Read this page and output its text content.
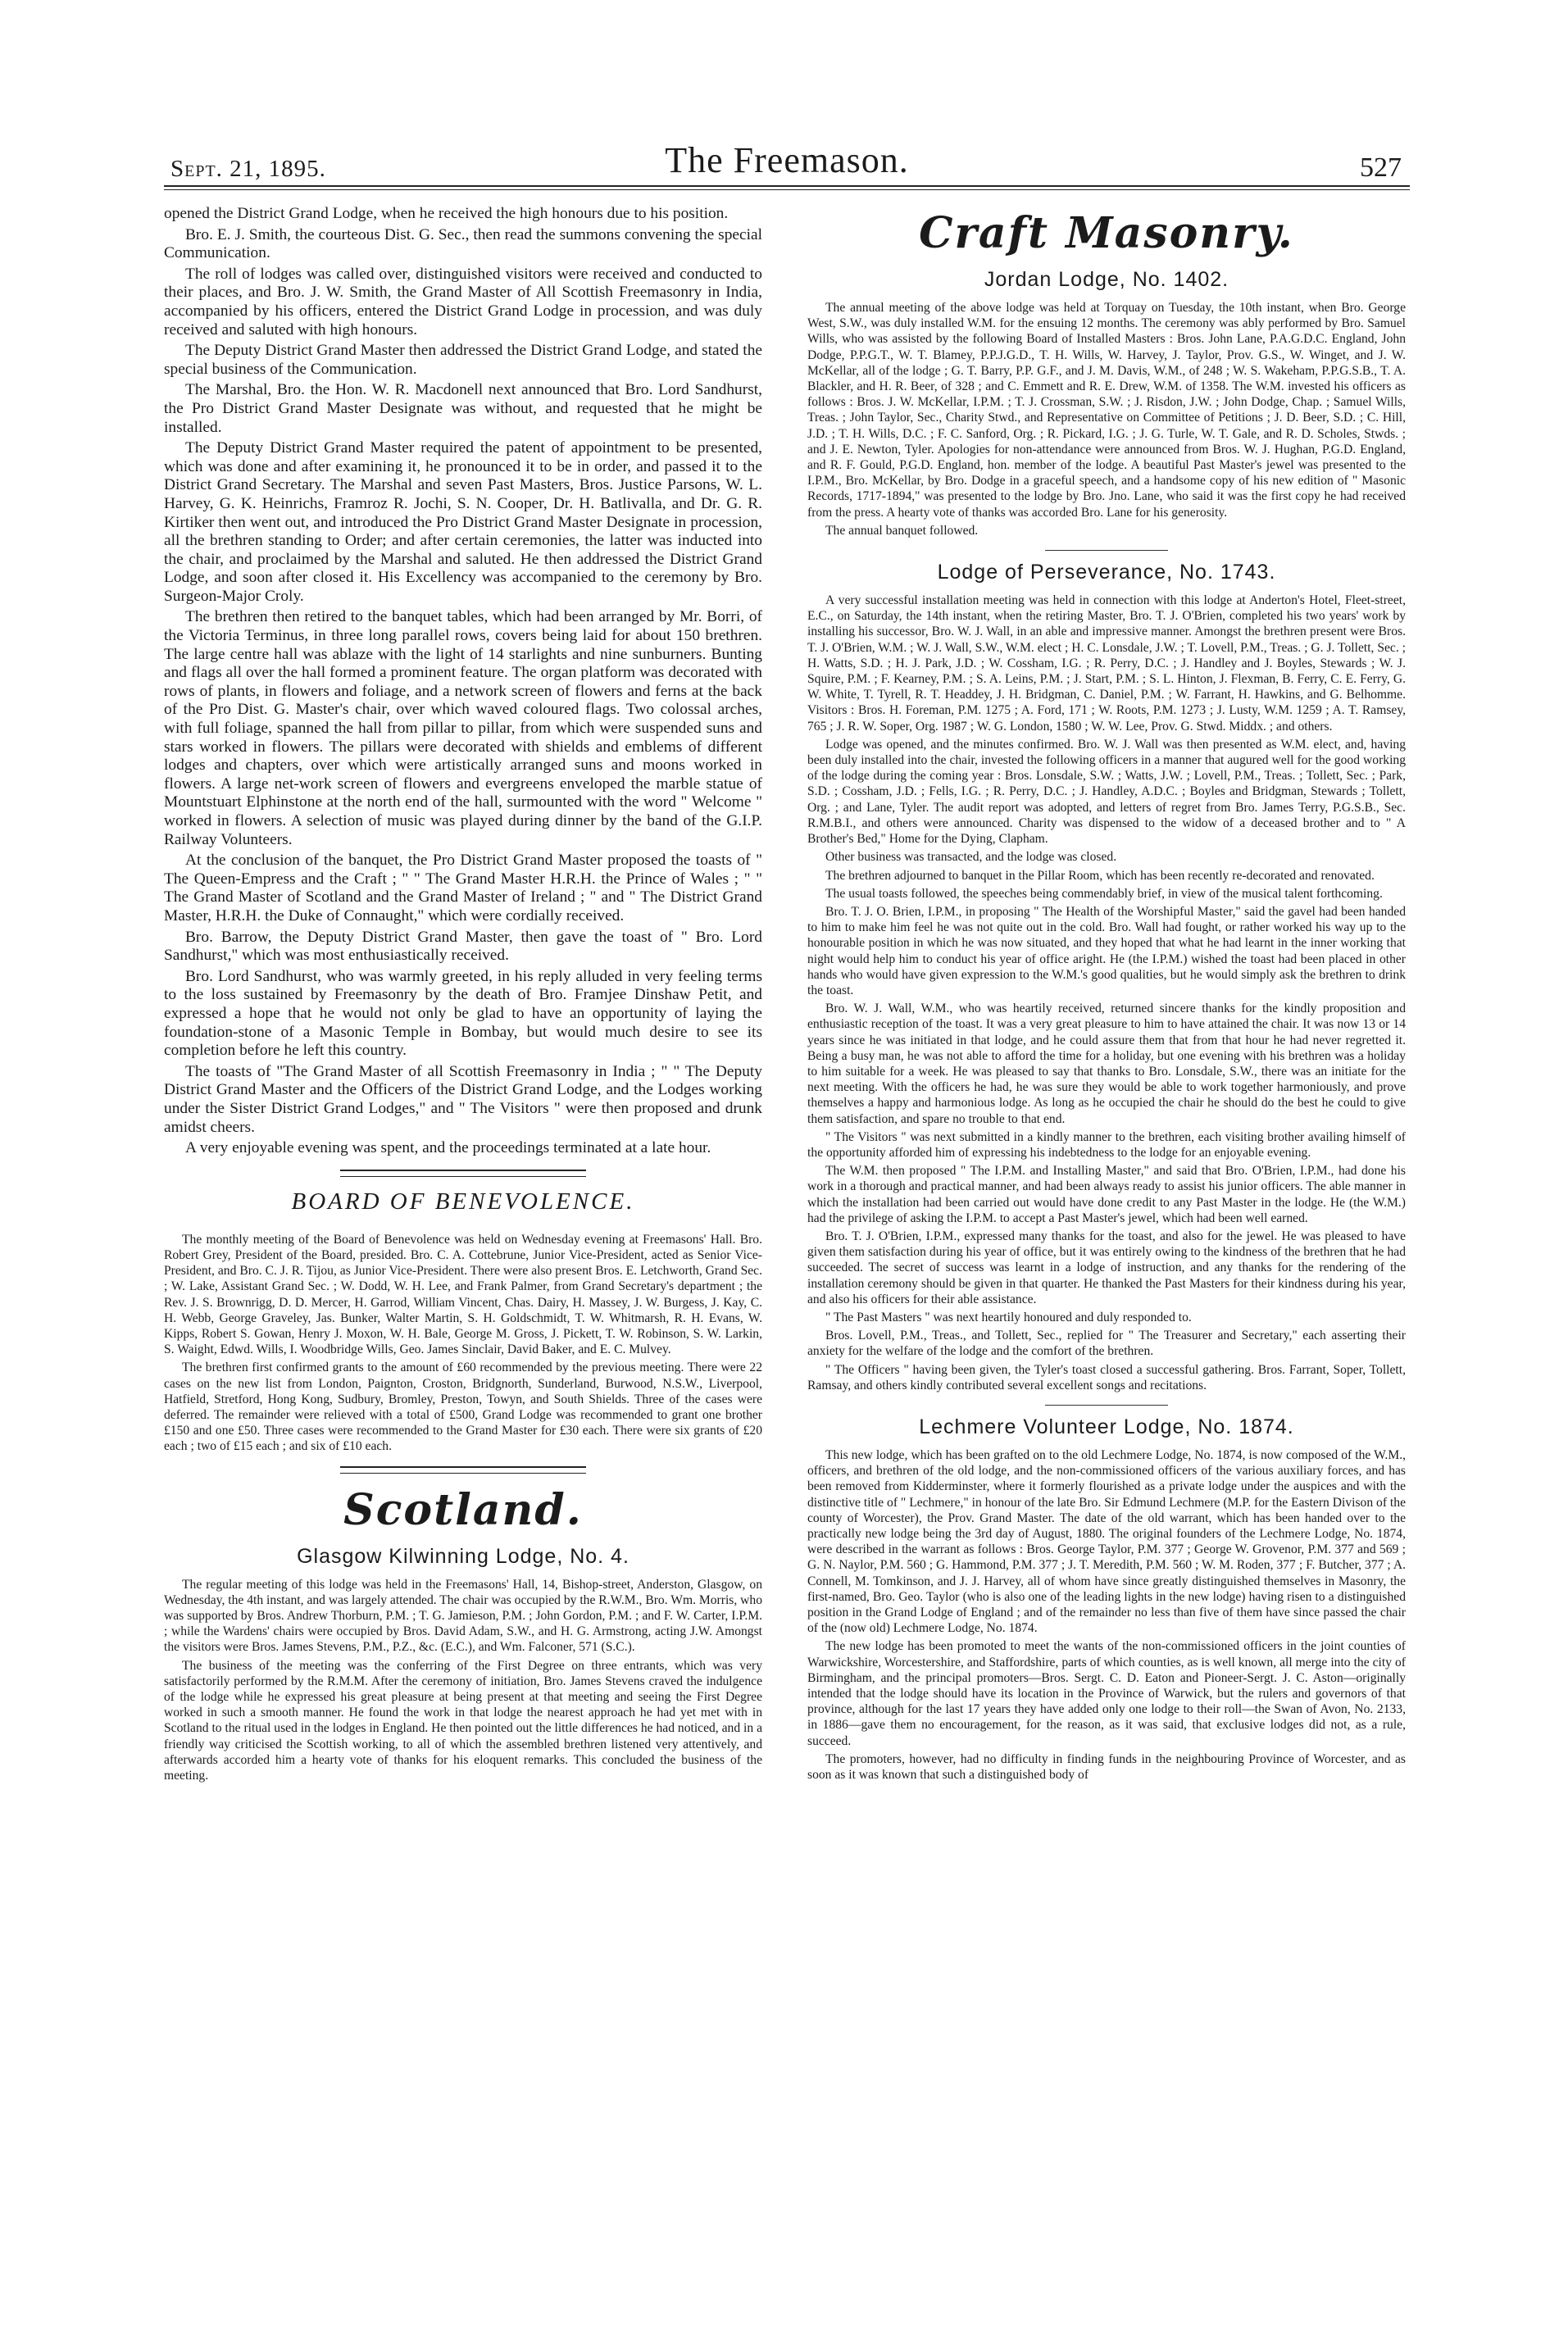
Sept. 21, 1895.	The Freemason.	527

opened the District Grand Lodge, when he received the high honours due to his position.

Bro. E. J. Smith, the courteous Dist. G. Sec., then read the summons convening the special Communication.

The roll of lodges was called over, distinguished visitors were received and conducted to their places, and Bro. J. W. Smith, the Grand Master of All Scottish Freemasonry in India, accompanied by his officers, entered the District Grand Lodge in procession, and was duly received and saluted with high honours.

The Deputy District Grand Master then addressed the District Grand Lodge, and stated the special business of the Communication.

The Marshal, Bro. the Hon. W. R. Macdonell next announced that Bro. Lord Sandhurst, the Pro District Grand Master Designate was without, and requested that he might be installed.

The Deputy District Grand Master required the patent of appointment to be presented, which was done and after examining it, he pronounced it to be in order, and passed it to the District Grand Secretary. The Marshal and seven Past Masters, Bros. Justice Parsons, W. L. Harvey, G. K. Heinrichs, Framroz R. Jochi, S. N. Cooper, Dr. H. Batlivalla, and Dr. G. R. Kirtiker then went out, and introduced the Pro District Grand Master Designate in procession, all the brethren standing to Order; and after certain ceremonies, the latter was inducted into the chair, and proclaimed by the Marshal and saluted. He then addressed the District Grand Lodge, and soon after closed it. His Excellency was accompanied to the ceremony by Bro. Surgeon-Major Croly.

The brethren then retired to the banquet tables, which had been arranged by Mr. Borri, of the Victoria Terminus, in three long parallel rows, covers being laid for about 150 brethren. The large centre hall was ablaze with the light of 14 starlights and nine sunburners. Bunting and flags all over the hall formed a prominent feature. The organ platform was decorated with rows of plants, in flowers and foliage, and a network screen of flowers and ferns at the back of the Pro Dist. G. Master's chair, over which waved coloured flags. Two colossal arches, with full foliage, spanned the hall from pillar to pillar, from which were suspended suns and stars worked in flowers. The pillars were decorated with shields and emblems of different lodges and chapters, over which were artistically arranged suns and moons worked in flowers. A large net-work screen of flowers and evergreens enveloped the marble statue of Mountstuart Elphinstone at the north end of the hall, surmounted with the word " Welcome " worked in flowers. A selection of music was played during dinner by the band of the G.I.P. Railway Volunteers.

At the conclusion of the banquet, the Pro District Grand Master proposed the toasts of " The Queen-Empress and the Craft ; " " The Grand Master H.R.H. the Prince of Wales ; " " The Grand Master of Scotland and the Grand Master of Ireland ; " and " The District Grand Master, H.R.H. the Duke of Connaught," which were cordially received.

Bro. Barrow, the Deputy District Grand Master, then gave the toast of " Bro. Lord Sandhurst," which was most enthusiastically received.

Bro. Lord Sandhurst, who was warmly greeted, in his reply alluded in very feeling terms to the loss sustained by Freemasonry by the death of Bro. Framjee Dinshaw Petit, and expressed a hope that he would not only be glad to have an opportunity of laying the foundation-stone of a Masonic Temple in Bombay, but would much desire to see its completion before he left this country.

The toasts of "The Grand Master of all Scottish Freemasonry in India ; " " The Deputy District Grand Master and the Officers of the District Grand Lodge, and the Lodges working under the Sister District Grand Lodges," and " The Visitors " were then proposed and drunk amidst cheers.

A very enjoyable evening was spent, and the proceedings terminated at a late hour.

BOARD OF BENEVOLENCE.

The monthly meeting of the Board of Benevolence was held on Wednesday evening at Freemasons' Hall. Bro. Robert Grey, President of the Board, presided. Bro. C. A. Cottebrune, Junior Vice-President, acted as Senior Vice-President, and Bro. C. J. R. Tijou, as Junior Vice-President. There were also present Bros. E. Letchworth, Grand Sec. ; W. Lake, Assistant Grand Sec. ; W. Dodd, W. H. Lee, and Frank Palmer, from Grand Secretary's department ; the Rev. J. S. Brownrigg, D. D. Mercer, H. Garrod, William Vincent, Chas. Dairy, H. Massey, J. W. Burgess, J. Kay, C. H. Webb, George Graveley, Jas. Bunker, Walter Martin, S. H. Goldschmidt, T. W. Whitmarsh, R. H. Evans, W. Kipps, Robert S. Gowan, Henry J. Moxon, W. H. Bale, George M. Gross, J. Pickett, T. W. Robinson, S. W. Larkin, S. Waight, Edwd. Wills, I. Woodbridge Wills, Geo. James Sinclair, David Baker, and E. C. Mulvey.

The brethren first confirmed grants to the amount of £60 recommended by the previous meeting. There were 22 cases on the new list from London, Paignton, Croston, Bridgnorth, Sunderland, Burwood, N.S.W., Liverpool, Hatfield, Stretford, Hong Kong, Sudbury, Bromley, Preston, Towyn, and South Shields. Three of the cases were deferred. The remainder were relieved with a total of £500, Grand Lodge was recommended to grant one brother £150 and one £50. Three cases were recommended to the Grand Master for £30 each. There were six grants of £20 each ; two of £15 each ; and six of £10 each.

Scotland.
Glasgow Kilwinning Lodge, No. 4.

The regular meeting of this lodge was held in the Freemasons' Hall, 14, Bishop-street, Anderston, Glasgow, on Wednesday, the 4th instant, and was largely attended. The chair was occupied by the R.W.M., Bro. Wm. Morris, who was supported by Bros. Andrew Thorburn, P.M. ; T. G. Jamieson, P.M. ; John Gordon, P.M. ; and F. W. Carter, I.P.M. ; while the Wardens' chairs were occupied by Bros. David Adam, S.W., and H. G. Armstrong, acting J.W. Amongst the visitors were Bros. James Stevens, P.M., P.Z., &c. (E.C.), and Wm. Falconer, 571 (S.C.).

The business of the meeting was the conferring of the First Degree on three entrants, which was very satisfactorily performed by the R.M.M. After the ceremony of initiation, Bro. James Stevens craved the indulgence of the lodge while he expressed his great pleasure at being present at that meeting and seeing the First Degree worked in such a smooth manner. He found the work in that lodge the nearest approach he had yet met with in Scotland to the ritual used in the lodges in England. He then pointed out the little differences he had noticed, and in a friendly way criticised the Scottish working, to all of which the assembled brethren listened very attentively, and afterwards accorded him a hearty vote of thanks for his eloquent remarks. This concluded the business of the meeting.

Craft Masonry.
Jordan Lodge, No. 1402.

The annual meeting of the above lodge was held at Torquay on Tuesday, the 10th instant, when Bro. George West, S.W., was duly installed W.M. for the ensuing 12 months. The ceremony was ably performed by Bro. Samuel Wills, who was assisted by the following Board of Installed Masters : Bros. John Lane, P.A.G.D.C. England, John Dodge, P.P.G.T., W. T. Blamey, P.P.J.G.D., T. H. Wills, W. Harvey, J. Taylor, Prov. G.S., W. Winget, and J. W. McKellar, all of the lodge ; G. T. Barry, P.P. G.F., and J. M. Davis, W.M., of 248 ; W. S. Wakeham, P.P.G.S.B., T. A. Blackler, and H. R. Beer, of 328 ; and C. Emmett and R. E. Drew, W.M. of 1358. The W.M. invested his officers as follows : Bros. J. W. McKellar, I.P.M. ; T. J. Crossman, S.W. ; J. Risdon, J.W. ; John Dodge, Chap. ; Samuel Wills, Treas. ; John Taylor, Sec., Charity Stwd., and Representative on Committee of Petitions ; J. D. Beer, S.D. ; C. Hill, J.D. ; T. H. Wills, D.C. ; F. C. Sanford, Org. ; R. Pickard, I.G. ; J. G. Turle, W. T. Gale, and R. D. Scholes, Stwds. ; and J. E. Newton, Tyler. Apologies for non-attendance were announced from Bros. W. J. Hughan, P.G.D. England, and R. F. Gould, P.G.D. England, hon. member of the lodge. A beautiful Past Master's jewel was presented to the I.P.M., Bro. McKellar, by Bro. Dodge in a graceful speech, and a handsome copy of his new edition of " Masonic Records, 1717-1894," was presented to the lodge by Bro. Jno. Lane, who said it was the first copy he had received from the press. A hearty vote of thanks was accorded Bro. Lane for his generosity.

The annual banquet followed.

Lodge of Perseverance, No. 1743.

A very successful installation meeting was held in connection with this lodge at Anderton's Hotel, Fleet-street, E.C., on Saturday, the 14th instant, when the retiring Master, Bro. T. J. O'Brien, completed his two years' work by installing his successor, Bro. W. J. Wall, in an able and impressive manner. Amongst the brethren present were Bros. T. J. O'Brien, W.M. ; W. J. Wall, S.W., W.M. elect ; H. C. Lonsdale, J.W. ; T. Lovell, P.M., Treas. ; G. J. Tollett, Sec. ; H. Watts, S.D. ; H. J. Park, J.D. ; W. Cossham, I.G. ; R. Perry, D.C. ; J. Handley and J. Boyles, Stewards ; W. J. Squire, P.M. ; F. Kearney, P.M. ; S. A. Leins, P.M. ; J. Start, P.M. ; S. L. Hinton, J. Flexman, B. Ferry, C. E. Ferry, G. W. White, T. Tyrell, R. T. Headdey, J. H. Bridgman, C. Daniel, P.M. ; W. Farrant, H. Hawkins, and G. Belhomme. Visitors : Bros. H. Foreman, P.M. 1275 ; A. Ford, 171 ; W. Roots, P.M. 1273 ; J. Lusty, W.M. 1259 ; A. T. Ramsey, 765 ; J. R. W. Soper, Org. 1987 ; W. G. London, 1580 ; W. W. Lee, Prov. G. Stwd. Middx. ; and others.

Lodge was opened, and the minutes confirmed. Bro. W. J. Wall was then presented as W.M. elect, and, having been duly installed into the chair, invested the following officers in a manner that augured well for the good working of the lodge during the coming year : Bros. Lonsdale, S.W. ; Watts, J.W. ; Lovell, P.M., Treas. ; Tollett, Sec. ; Park, S.D. ; Cossham, J.D. ; Fells, I.G. ; R. Perry, D.C. ; J. Handley, A.D.C. ; Boyles and Bridgman, Stewards ; Tollett, Org. ; and Lane, Tyler. The audit report was adopted, and letters of regret from Bro. James Terry, P.G.S.B., Sec. R.M.B.I., and others were announced. Charity was dispensed to the widow of a deceased brother and to " A Brother's Bed," Home for the Dying, Clapham.

Other business was transacted, and the lodge was closed.

The brethren adjourned to banquet in the Pillar Room, which has been recently re-decorated and renovated.

The usual toasts followed, the speeches being commendably brief, in view of the musical talent forthcoming.

Bro. T. J. O. Brien, I.P.M., in proposing " The Health of the Worshipful Master," said the gavel had been handed to him to make him feel he was not quite out in the cold. Bro. Wall had fought, or rather worked his way up to the honourable position in which he was now situated, and they hoped that what he had learnt in the inner working that night would help him to conduct his year of office aright. He (the I.P.M.) wished the toast had been placed in other hands who would have given expression to the W.M.'s good qualities, but he would simply ask the brethren to drink the toast.

Bro. W. J. Wall, W.M., who was heartily received, returned sincere thanks for the kindly proposition and enthusiastic reception of the toast. It was a very great pleasure to him to have attained the chair. It was now 13 or 14 years since he was initiated in that lodge, and he could assure them that from that hour he had never regretted it. Being a busy man, he was not able to afford the time for a holiday, but one evening with his brethren was a holiday to him suitable for a week. He was pleased to say that thanks to Bro. Lonsdale, S.W., there was an initiate for the next meeting. With the officers he had, he was sure they would be able to work together harmoniously, and prove themselves a happy and harmonious lodge. As long as he occupied the chair he should do the best he could to give them satisfaction, and spare no trouble to that end.

" The Visitors " was next submitted in a kindly manner to the brethren, each visiting brother availing himself of the opportunity afforded him of expressing his indebtedness to the lodge for an enjoyable evening.

The W.M. then proposed " The I.P.M. and Installing Master," and said that Bro. O'Brien, I.P.M., had done his work in a thorough and practical manner, and had been always ready to assist his junior officers. The able manner in which the installation had been carried out would have done credit to any Past Master in the lodge. He (the W.M.) had the privilege of asking the I.P.M. to accept a Past Master's jewel, which had been well earned.

Bro. T. J. O'Brien, I.P.M., expressed many thanks for the toast, and also for the jewel. He was pleased to have given them satisfaction during his year of office, but it was entirely owing to the kindness of the brethren that he had succeeded. The secret of success was learnt in a lodge of instruction, and any thanks for the rendering of the installation ceremony should be given in that quarter. He thanked the Past Masters for their kindness during his year, and also his officers for their able assistance.

" The Past Masters " was next heartily honoured and duly responded to.

Bros. Lovell, P.M., Treas., and Tollett, Sec., replied for " The Treasurer and Secretary," each asserting their anxiety for the welfare of the lodge and the comfort of the brethren.

" The Officers " having been given, the Tyler's toast closed a successful gathering. Bros. Farrant, Soper, Tollett, Ramsay, and others kindly contributed several excellent songs and recitations.

Lechmere Volunteer Lodge, No. 1874.

This new lodge, which has been grafted on to the old Lechmere Lodge, No. 1874, is now composed of the W.M., officers, and brethren of the old lodge, and the non-commissioned officers of the various auxiliary forces, and has been removed from Kidderminster, where it formerly flourished as a private lodge under the auspices and with the distinctive title of " Lechmere," in honour of the late Bro. Sir Edmund Lechmere (M.P. for the Eastern Divison of the county of Worcester), the Prov. Grand Master. The date of the old warrant, which has been handed over to the practically new lodge being the 3rd day of August, 1880. The original founders of the Lechmere Lodge, No. 1874, were described in the warrant as follows : Bros. George Taylor, P.M. 377 ; George W. Grovenor, P.M. 377 and 569 ; G. N. Naylor, P.M. 560 ; G. Hammond, P.M. 377 ; J. T. Meredith, P.M. 560 ; W. M. Roden, 377 ; F. Butcher, 377 ; A. Connell, M. Tomkinson, and J. J. Harvey, all of whom have since greatly distinguished themselves in Masonry, the first-named, Bro. Geo. Taylor (who is also one of the leading lights in the new lodge) having risen to a distinguished position in the Grand Lodge of England ; and of the remainder no less than five of them have since passed the chair of the (now old) Lechmere Lodge, No. 1874.

The new lodge has been promoted to meet the wants of the non-commissioned officers in the joint counties of Warwickshire, Worcestershire, and Staffordshire, parts of which counties, as is well known, all merge into the city of Birmingham, and the principal promoters—Bros. Sergt. C. D. Eaton and Pioneer-Sergt. J. C. Aston—originally intended that the lodge should have its location in the Province of Warwick, but the rulers and governors of that province, although for the last 17 years they have added only one lodge to their roll—the Swan of Avon, No. 2133, in 1886—gave them no encouragement, for the reason, as it was said, that exclusive lodges did not, as a rule, succeed.

The promoters, however, had no difficulty in finding funds in the neighbouring Province of Worcester, and as soon as it was known that such a distinguished body of
